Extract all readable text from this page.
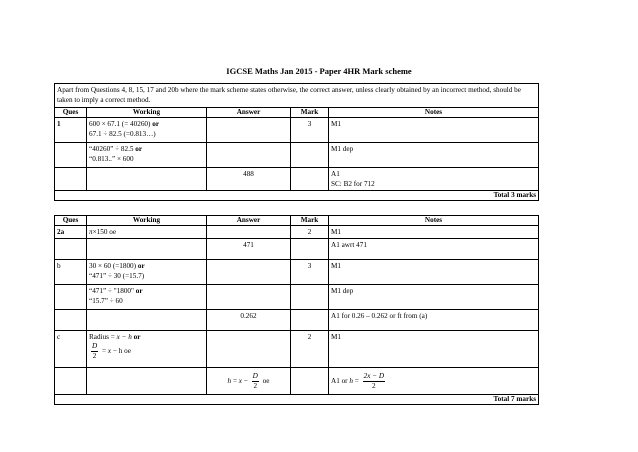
IGCSE Maths Jan 2015 - Paper 4HR Mark scheme
Apart from Questions 4, 8, 15, 17 and 20b where the mark scheme states otherwise, the correct answer, unless clearly obtained by an incorrect method, should be taken to imply a correct method.				
Ques	Working	Answer	Mark	Notes
1	600 × 67.1 (= 40260) or
67.1 ÷ 82.5 (=0.813…)		3	M1
	“40260” ÷ 82.5 or
“0.813..” × 600			M1 dep
		488		A1
SC: B2 for 712
Total 3 marks				
Ques	Working	Answer	Mark	Notes
2a	π×150 oe		2	M1
		471		A1 awrt 471
b	30 × 60 (=1800) or
“471” ÷ 30 (=15.7)		3	M1
	“471” ÷ "1800" or
“15.7” ÷ 60			M1 dep
		0.262		A1 for 0.26 – 0.262 or ft from (a)
c	Radius = x − h or

$\frac{D}{2} = x - h$ oe		2	M1
		$h = x - \frac{D}{2}$ oe		A1 or $h = \frac{2x - D}{2}$

Total 7 marks				
